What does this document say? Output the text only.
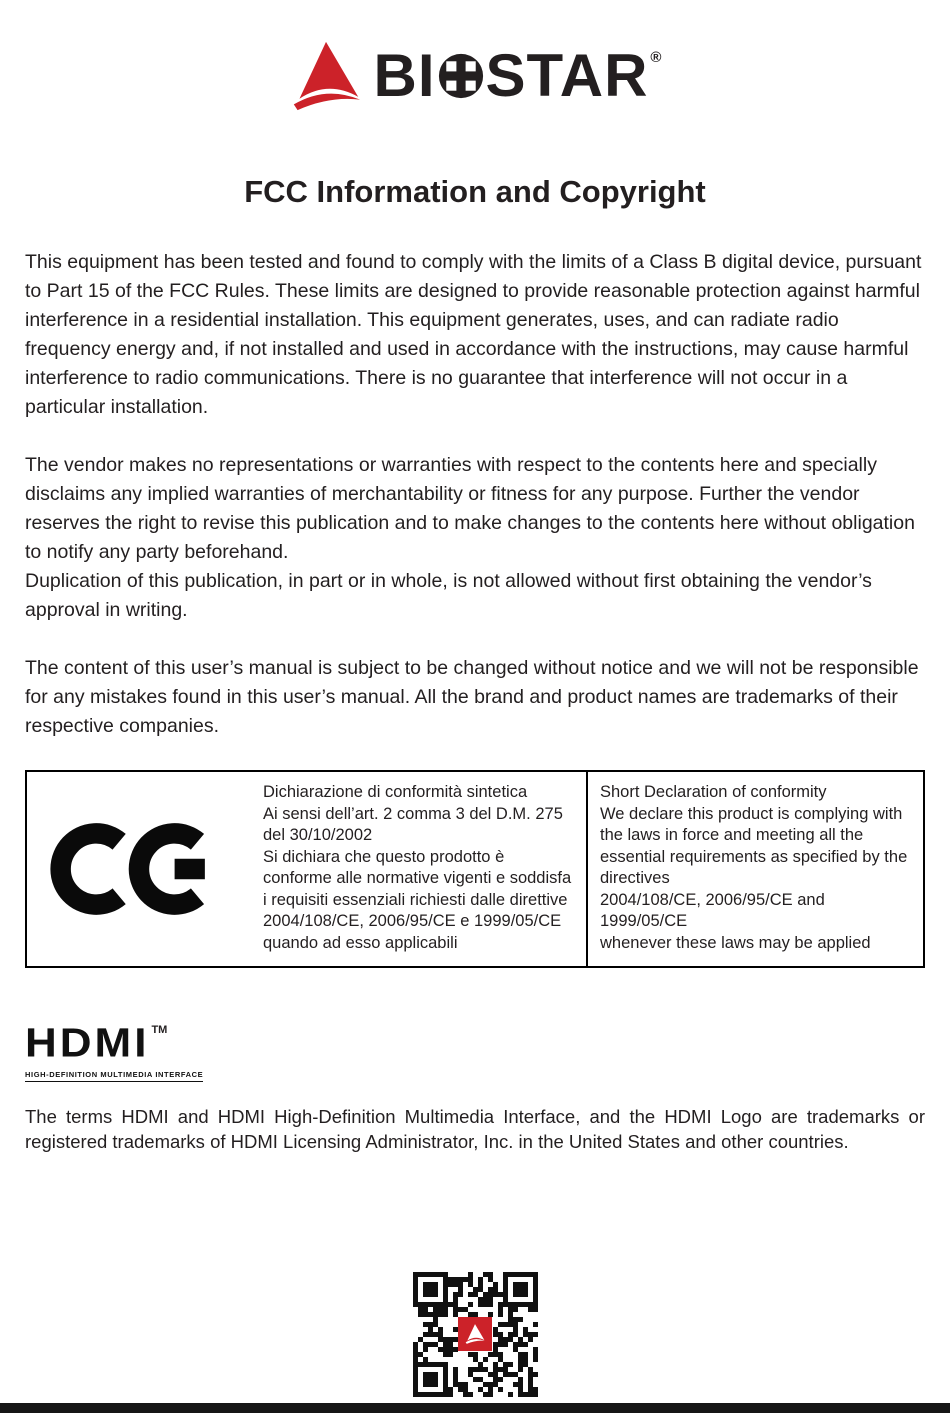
BI STAR ®
FCC Information and Copyright
This equipment has been tested and found to comply with the limits of a Class B digital device, pursuant to Part 15 of the FCC Rules. These limits are designed to provide reasonable protection against harmful interference in a residential installation. This equipment generates, uses, and can radiate radio frequency energy and, if not installed and used in accordance with the instructions, may cause harmful interference to radio communications. There is no guarantee that interference will not occur in a particular installation.
The vendor makes no representations or warranties with respect to the contents here and specially disclaims any implied warranties of merchantability or fitness for any purpose. Further the vendor reserves the right to revise this publication and to make changes to the contents here without obligation to notify any party beforehand.
Duplication of this publication, in part or in whole, is not allowed without first obtaining the vendor’s approval in writing.
The content of this user’s manual is subject to be changed without notice and we will not be responsible for any mistakes found in this user’s manual. All the brand and product names are trademarks of their respective companies.
Dichiarazione di conformità sintetica
Ai sensi dell’art. 2 comma 3 del D.M. 275 del 30/10/2002
Si dichiara che questo prodotto è conforme alle normative vigenti e soddisfa i requisiti essenziali richiesti dalle direttive
2004/108/CE, 2006/95/CE e 1999/05/CE quando ad esso applicabili
Short Declaration of conformity
We declare this product is complying with the laws in force and meeting all the essential requirements as specified by the directives
2004/108/CE, 2006/95/CE and 1999/05/CE
whenever these laws may be applied
HDMI TM
HIGH-DEFINITION MULTIMEDIA INTERFACE
The terms HDMI and HDMI High-Definition Multimedia Interface, and the HDMI Logo are trademarks or registered trademarks of HDMI Licensing Administrator, Inc. in the United States and other countries.
